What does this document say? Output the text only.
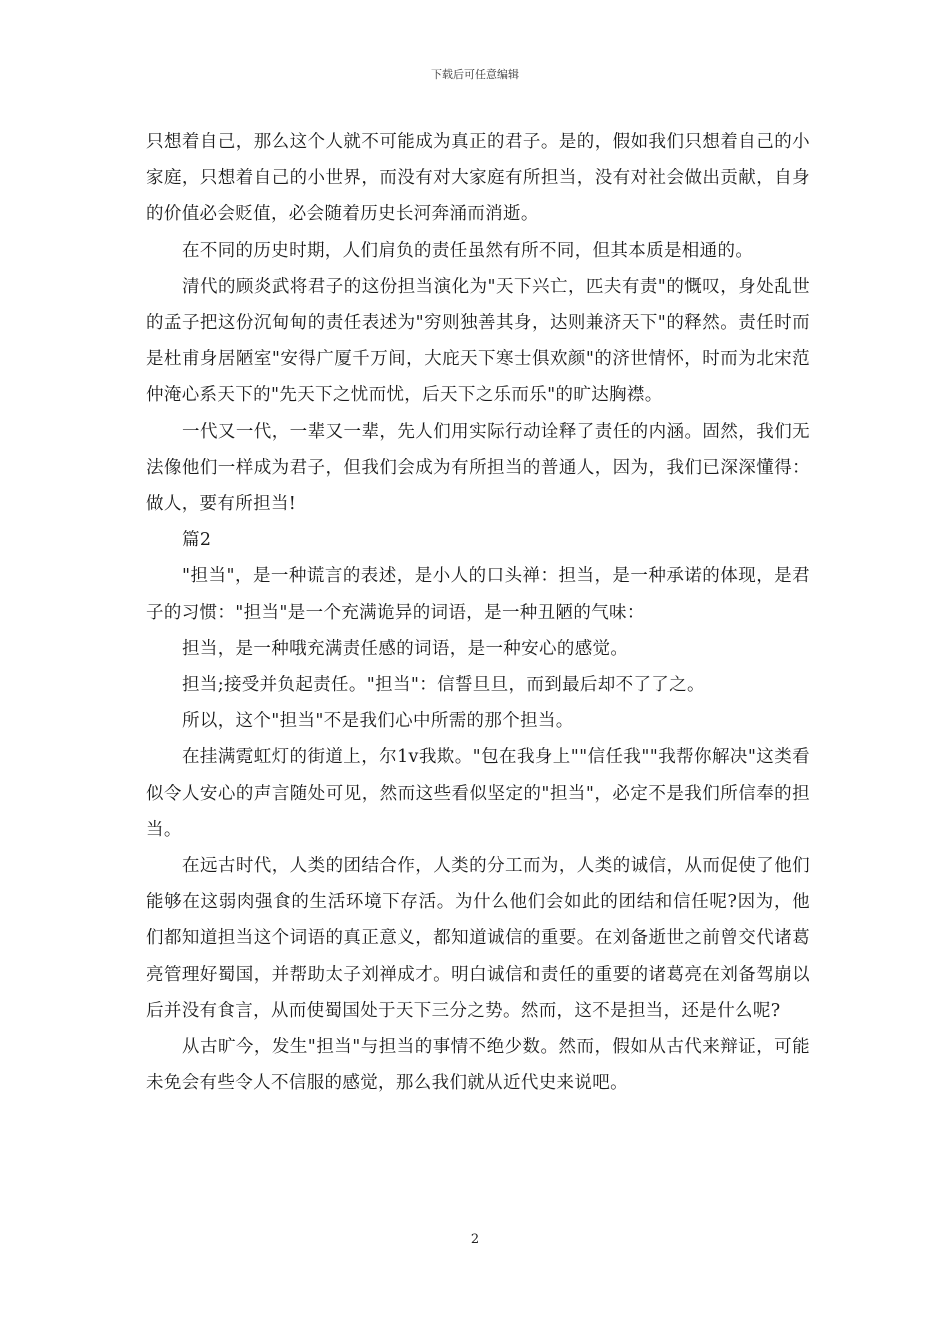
下载后可任意编辑

只想着自己，那么这个人就不可能成为真正的君子。是的，假如我们只想着自己的小家庭，只想着自己的小世界，而没有对大家庭有所担当，没有对社会做出贡献，自身的价值必会贬值，必会随着历史长河奔涌而消逝。

在不同的历史时期，人们肩负的责任虽然有所不同，但其本质是相通的。

清代的顾炎武将君子的这份担当演化为"天下兴亡，匹夫有责"的慨叹，身处乱世的孟子把这份沉甸甸的责任表述为"穷则独善其身，达则兼济天下"的释然。责任时而是杜甫身居陋室"安得广厦千万间，大庇天下寒士俱欢颜"的济世情怀，时而为北宋范仲淹心系天下的"先天下之忧而忧，后天下之乐而乐"的旷达胸襟。

一代又一代，一辈又一辈，先人们用实际行动诠释了责任的内涵。固然，我们无法像他们一样成为君子，但我们会成为有所担当的普通人，因为，我们已深深懂得：做人，要有所担当!

篇2

"担当"，是一种谎言的表述，是小人的口头禅：担当，是一种承诺的体现，是君子的习惯："担当"是一个充满诡异的词语，是一种丑陋的气味：

担当，是一种哦充满责任感的词语，是一种安心的感觉。

担当;接受并负起责任。"担当"：信誓旦旦，而到最后却不了了之。

所以，这个"担当"不是我们心中所需的那个担当。

在挂满霓虹灯的街道上，尔1v我欺。"包在我身上""信任我""我帮你解决"这类看似令人安心的声言随处可见，然而这些看似坚定的"担当"，必定不是我们所信奉的担当。

在远古时代，人类的团结合作，人类的分工而为，人类的诚信，从而促使了他们能够在这弱肉强食的生活环境下存活。为什么他们会如此的团结和信任呢?因为，他们都知道担当这个词语的真正意义，都知道诚信的重要。在刘备逝世之前曾交代诸葛亮管理好蜀国，并帮助太子刘禅成才。明白诚信和责任的重要的诸葛亮在刘备驾崩以后并没有食言，从而使蜀国处于天下三分之势。然而，这不是担当，还是什么呢?

从古旷今，发生"担当"与担当的事情不绝少数。然而，假如从古代来辩证，可能未免会有些令人不信服的感觉，那么我们就从近代史来说吧。

2
